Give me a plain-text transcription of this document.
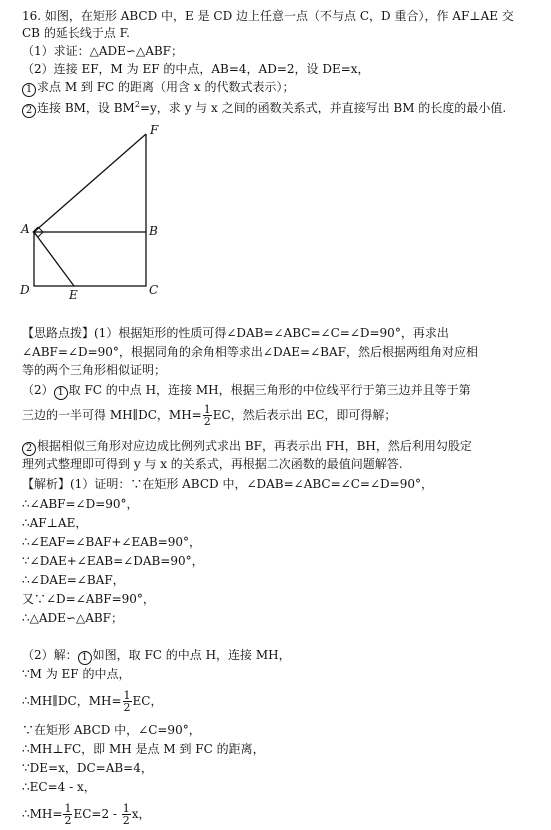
16. 如图，在矩形 ABCD 中，E 是 CD 边上任意一点（不与点 C，D 重合），作 AF⊥AE 交
CB 的延长线于点 F.
（1）求证：△ADE∽△ABF；
（2）连接 EF，M 为 EF 的中点，AB=4，AD=2，设 DE=x，
1 求点 M 到 FC 的距离（用含 x 的代数式表示）；
2 连接 BM，设 $BM^2=y$，求 y 与 x 之间的函数关系式，并直接写出 BM 的长度的最小值.
A	B
C
D	E
F
【思路点拨】(1）根据矩形的性质可得∠DAB=∠ABC=∠C=∠D=90°，再求出
∠ABF=∠D=90°，根据同角的余角相等求出∠DAE=∠BAF，然后根据两组角对应相
等的两个三角形相似证明；
（2） 1 取 FC 的中点 H，连接 MH，根据三角形的中位线平行于第三边并且等于第
三边的一半可得 MH∥DC，$MH= \frac{1}{2}$ EC，然后表示出 EC，即可得解；
2 根据相似三角形对应边成比例列式求出 BF，再表示出 FH，BH，然后利用勾股定
理列式整理即可得到 y 与 x 的关系式，再根据二次函数的最值问题解答.
【解析】(1）证明：∵在矩形 ABCD 中，∠DAB=∠ABC=∠C=∠D=90°，
∴∠ABF=∠D=90°，
∴AF⊥AE，
∴∠EAF=∠BAF+∠EAB=90°，
∵∠DAE+∠EAB=∠DAB=90°，
∴∠DAE=∠BAF，
又∵∠D=∠ABF=90°，
∴△ADE∽△ABF；
（2）解： 1 如图，取 FC 的中点 H，连接 MH，
∵M 为 EF 的中点，
∴MH∥DC，$MH= \frac{1}{2}$ EC，
∵在矩形 ABCD 中，∠C=90°，
∴MH⊥FC，即 MH 是点 M 到 FC 的距离，
∵DE=x，DC=AB=4，
∴EC=4 - x，
∴MH= $\frac{1}{2} EC=2 - \frac{1}{2}$ x，
